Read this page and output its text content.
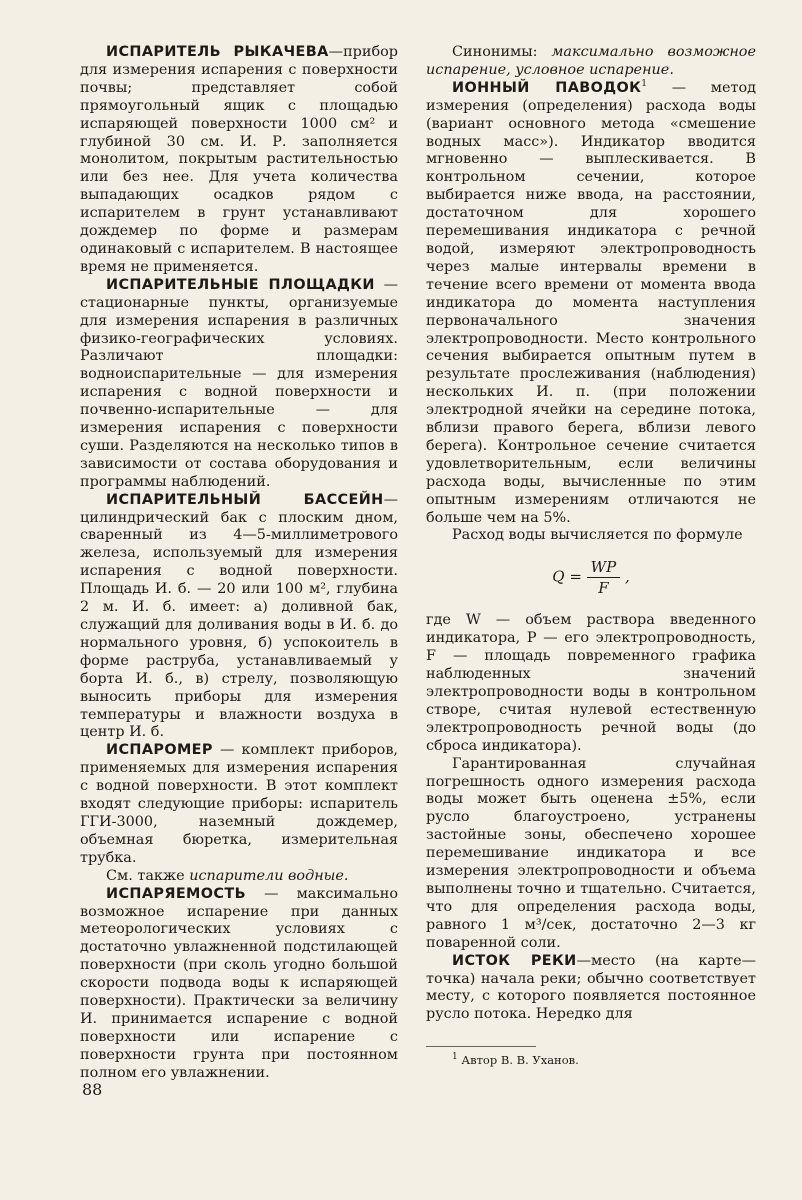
ИСПАРИТЕЛЬ РЫКАЧЕВА—прибор для измерения испарения с поверхности почвы; представляет собой прямоугольный ящик с площадью испаряющей поверхности 1000 см² и глубиной 30 см. И. Р. заполняется монолитом, покрытым растительностью или без нее. Для учета количества выпадающих осадков рядом с испарителем в грунт устанавливают дождемер по форме и размерам одинаковый с испарителем. В настоящее время не применяется.

ИСПАРИТЕЛЬНЫЕ ПЛОЩАДКИ — стационарные пункты, организуемые для измерения испарения в различных физико-географических условиях. Различают площадки: водноиспарительные — для измерения испарения с водной поверхности и почвенно-испарительные — для измерения испарения с поверхности суши. Разделяются на несколько типов в зависимости от состава оборудования и программы наблюдений.

ИСПАРИТЕЛЬНЫЙ БАССЕЙН—цилиндрический бак с плоским дном, сваренный из 4—5-миллиметрового железа, используемый для измерения испарения с водной поверхности. Площадь И. б. — 20 или 100 м², глубина 2 м. И. б. имеет: а) доливной бак, служащий для доливания воды в И. б. до нормального уровня, б) успокоитель в форме раструба, устанавливаемый у борта И. б., в) стрелу, позволяющую выносить приборы для измерения температуры и влажности воздуха в центр И. б.

ИСПАРОМЕР — комплект приборов, применяемых для измерения испарения с водной поверхности. В этот комплект входят следующие приборы: испаритель ГГИ-3000, наземный дождемер, объемная бюретка, измерительная трубка.

См. также испарители водные.

ИСПАРЯЕМОСТЬ — максимально возможное испарение при данных метеорологических условиях с достаточно увлажненной подстилающей поверхности (при сколь угодно большой скорости подвода воды к испаряющей поверхности). Практически за величину И. принимается испарение с водной поверхности или испарение с поверхности грунта при постоянном полном его увлажнении.

Синонимы: максимально возможное испарение, условное испарение.

ИОННЫЙ ПАВОДОК$^1$ — метод измерения (определения) расхода воды (вариант основного метода «смешение водных масс»). Индикатор вводится мгновенно — выплескивается. В контрольном сечении, которое выбирается ниже ввода, на расстоянии, достаточном для хорошего перемешивания индикатора с речной водой, измеряют электропроводность через малые интервалы времени в течение всего времени от момента ввода индикатора до момента наступления первоначального значения электропроводности. Место контрольного сечения выбирается опытным путем в результате прослеживания (наблюдения) нескольких И. п. (при положении электродной ячейки на середине потока, вблизи правого берега, вблизи левого берега). Контрольное сечение считается удовлетворительным, если величины расхода воды, вычисленные по этим опытным измерениям отличаются не больше чем на 5%.

Расход воды вычисляется по формуле

$Q = \frac{WP}{F}$ ,

где W — объем раствора введенного индикатора, P — его электропроводность, F — площадь повременного графика наблюденных значений электропроводности воды в контрольном створе, считая нулевой естественную электропроводность речной воды (до сброса индикатора).

Гарантированная случайная погрешность одного измерения расхода воды может быть оценена ±5%, если русло благоустроено, устранены застойные зоны, обеспечено хорошее перемешивание индикатора и все измерения электропроводности и объема выполнены точно и тщательно. Считается, что для определения расхода воды, равного 1 м³/сек, достаточно 2—3 кг поваренной соли.

ИСТОК РЕКИ—место (на карте—точка) начала реки; обычно соответствует месту, с которого появляется постоянное русло потока. Нередко для

$^1$ Автор В. В. Уханов.

88
